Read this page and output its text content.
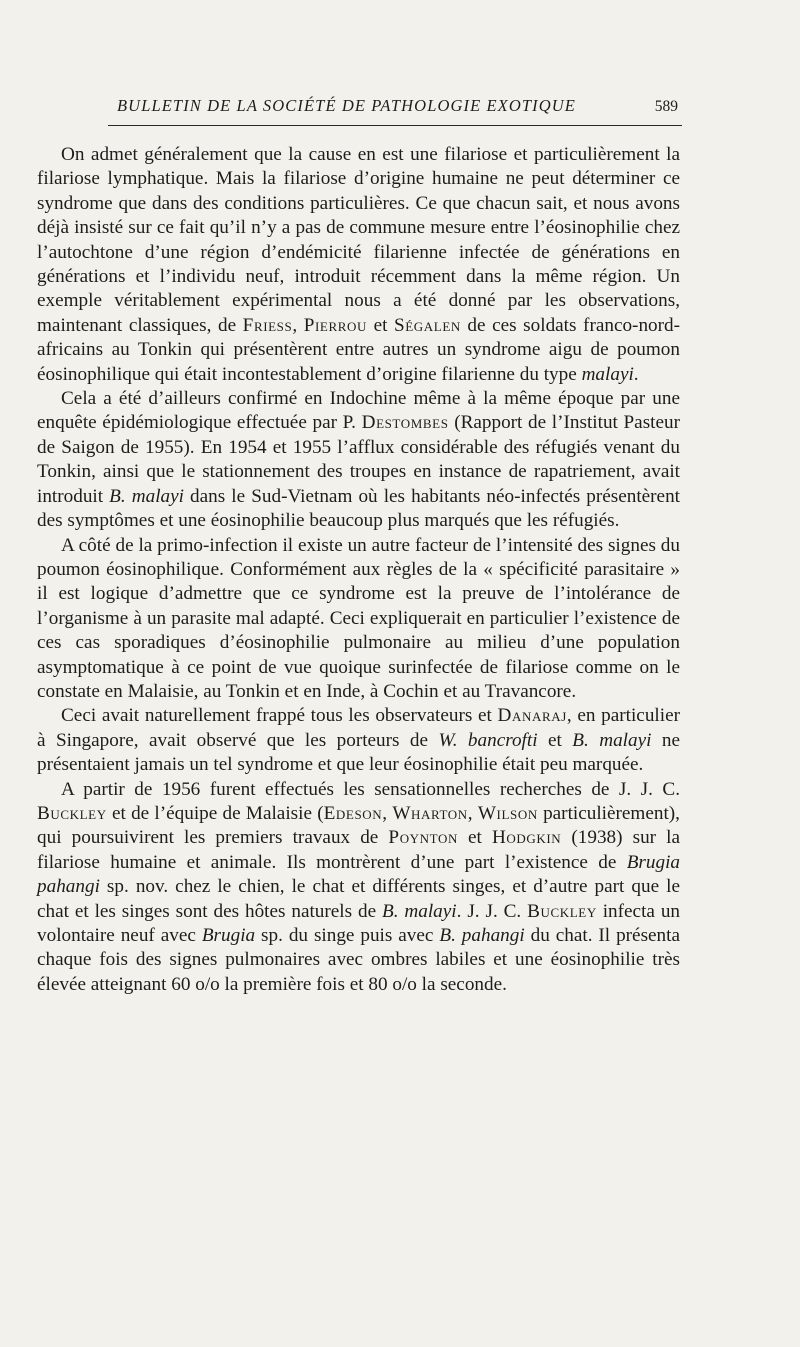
BULLETIN DE LA SOCIÉTÉ DE PATHOLOGIE EXOTIQUE	589

On admet généralement que la cause en est une filariose et particulièrement la filariose lymphatique. Mais la filariose d’origine humaine ne peut déterminer ce syndrome que dans des conditions particulières. Ce que chacun sait, et nous avons déjà insisté sur ce fait qu’il n’y a pas de commune mesure entre l’éosinophilie chez l’autochtone d’une région d’endémicité filarienne infectée de générations en générations et l’individu neuf, introduit récemment dans la même région. Un exemple véritablement expérimental nous a été donné par les observations, maintenant classiques, de Friess, Pierrou et Ségalen de ces soldats franco-nord-africains au Tonkin qui présentèrent entre autres un syndrome aigu de poumon éosinophilique qui était incontestablement d’origine filarienne du type malayi.

Cela a été d’ailleurs confirmé en Indochine même à la même époque par une enquête épidémiologique effectuée par P. Destombes (Rapport de l’Institut Pasteur de Saigon de 1955). En 1954 et 1955 l’afflux considérable des réfugiés venant du Tonkin, ainsi que le stationnement des troupes en instance de rapatriement, avait introduit B. malayi dans le Sud-Vietnam où les habitants néo-infectés présentèrent des symptômes et une éosinophilie beaucoup plus marqués que les réfugiés.

A côté de la primo-infection il existe un autre facteur de l’intensité des signes du poumon éosinophilique. Conformément aux règles de la « spécificité parasitaire » il est logique d’admettre que ce syndrome est la preuve de l’intolérance de l’organisme à un parasite mal adapté. Ceci expliquerait en particulier l’existence de ces cas sporadiques d’éosinophilie pulmonaire au milieu d’une population asymptomatique à ce point de vue quoique surinfectée de filariose comme on le constate en Malaisie, au Tonkin et en Inde, à Cochin et au Travancore.

Ceci avait naturellement frappé tous les observateurs et Danaraj, en particulier à Singapore, avait observé que les porteurs de W. bancrofti et B. malayi ne présentaient jamais un tel syndrome et que leur éosinophilie était peu marquée.

A partir de 1956 furent effectués les sensationnelles recherches de J. J. C. Buckley et de l’équipe de Malaisie (Edeson, Wharton, Wilson particulièrement), qui poursuivirent les premiers travaux de Poynton et Hodgkin (1938) sur la filariose humaine et animale. Ils montrèrent d’une part l’existence de Brugia pahangi sp. nov. chez le chien, le chat et différents singes, et d’autre part que le chat et les singes sont des hôtes naturels de B. malayi. J. J. C. Buckley infecta un volontaire neuf avec Brugia sp. du singe puis avec B. pahangi du chat. Il présenta chaque fois des signes pulmonaires avec ombres labiles et une éosinophilie très élevée atteignant 60 o/o la première fois et 80 o/o la seconde.
